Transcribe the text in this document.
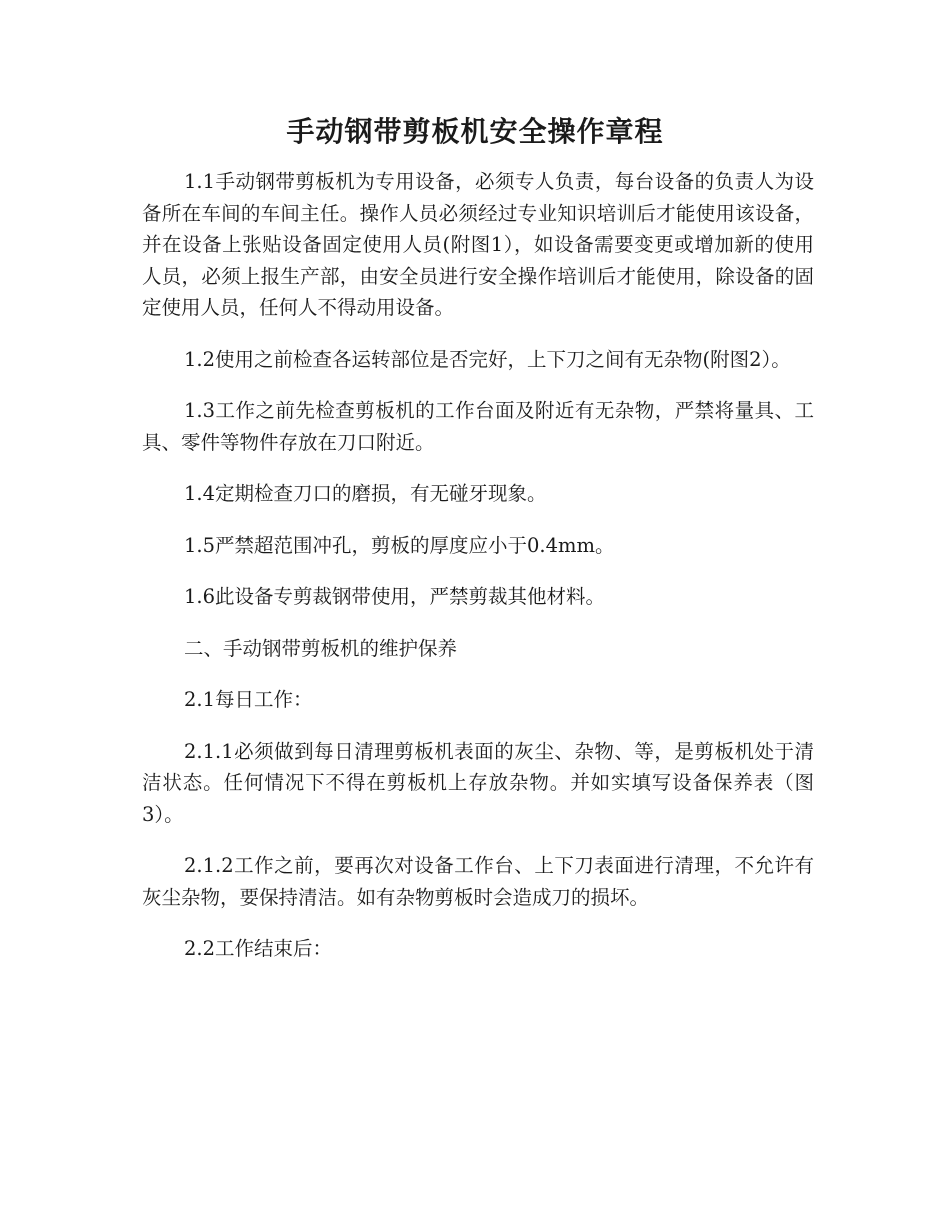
手动钢带剪板机安全操作章程

1.1手动钢带剪板机为专用设备，必须专人负责，每台设备的负责人为设备所在车间的车间主任。操作人员必须经过专业知识培训后才能使用该设备，并在设备上张贴设备固定使用人员(附图1），如设备需要变更或增加新的使用人员，必须上报生产部，由安全员进行安全操作培训后才能使用，除设备的固定使用人员，任何人不得动用设备。

1.2使用之前检查各运转部位是否完好，上下刀之间有无杂物(附图2）。

1.3工作之前先检查剪板机的工作台面及附近有无杂物，严禁将量具、工具、零件等物件存放在刀口附近。

1.4定期检查刀口的磨损，有无碰牙现象。

1.5严禁超范围冲孔，剪板的厚度应小于0.4mm。

1.6此设备专剪裁钢带使用，严禁剪裁其他材料。

二、手动钢带剪板机的维护保养

2.1每日工作：

2.1.1必须做到每日清理剪板机表面的灰尘、杂物、等，是剪板机处于清洁状态。任何情况下不得在剪板机上存放杂物。并如实填写设备保养表（图3）。

2.1.2工作之前，要再次对设备工作台、上下刀表面进行清理，不允许有灰尘杂物，要保持清洁。如有杂物剪板时会造成刀的损坏。

2.2工作结束后：
